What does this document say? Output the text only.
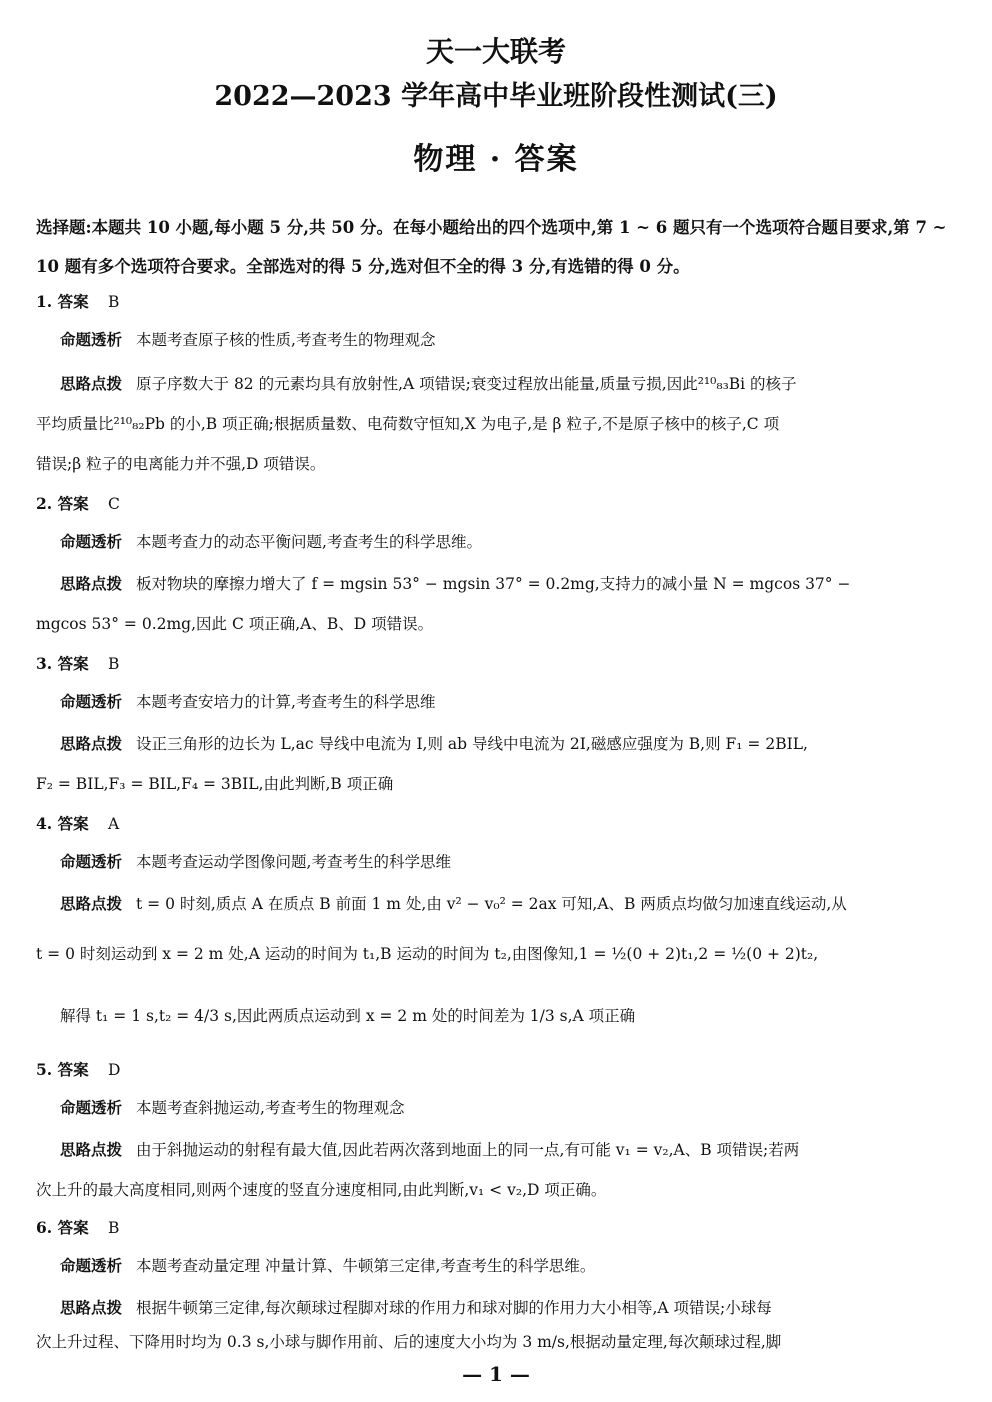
天一大联考
2022—2023 学年高中毕业班阶段性测试(三)
物理 · 答案
选择题:本题共 10 小题,每小题 5 分,共 50 分。在每小题给出的四个选项中,第 1 ~ 6 题只有一个选项符合题目要求,第 7 ~ 10 题有多个选项符合要求。全部选对的得 5 分,选对但不全的得 3 分,有选错的得 0 分。
1. 答案 B
命题透析 本题考查原子核的性质,考查考生的物理观念
思路点拨 原子序数大于 82 的元素均具有放射性,A 项错误;衰变过程放出能量,质量亏损,因此²¹⁰₈₃Bi 的核子
平均质量比²¹⁰₈₂Pb 的小,B 项正确;根据质量数、电荷数守恒知,X 为电子,是 β 粒子,不是原子核中的核子,C 项
错误;β 粒子的电离能力并不强,D 项错误。
2. 答案 C
命题透析 本题考查力的动态平衡问题,考查考生的科学思维。
思路点拨 板对物块的摩擦力增大了 f = mgsin 53° − mgsin 37° = 0.2mg,支持力的减小量 N = mgcos 37° −
mgcos 53° = 0.2mg,因此 C 项正确,A、B、D 项错误。
3. 答案 B
命题透析 本题考查安培力的计算,考查考生的科学思维
思路点拨 设正三角形的边长为 L,ac 导线中电流为 I,则 ab 导线中电流为 2I,磁感应强度为 B,则 F₁ = 2BIL,
F₂ = BIL,F₃ = BIL,F₄ = 3BIL,由此判断,B 项正确
4. 答案 A
命题透析 本题考查运动学图像问题,考查考生的科学思维
思路点拨 t = 0 时刻,质点 A 在质点 B 前面 1 m 处,由 v² − v₀² = 2ax 可知,A、B 两质点均做匀加速直线运动,从
t = 0 时刻运动到 x = 2 m 处,A 运动的时间为 t₁,B 运动的时间为 t₂,由图像知,1 = ½(0 + 2)t₁,2 = ½(0 + 2)t₂,
解得 t₁ = 1 s,t₂ = 4/3 s,因此两质点运动到 x = 2 m 处的时间差为 1/3 s,A 项正确
5. 答案 D
命题透析 本题考查斜抛运动,考查考生的物理观念
思路点拨 由于斜抛运动的射程有最大值,因此若两次落到地面上的同一点,有可能 v₁ = v₂,A、B 项错误;若两
次上升的最大高度相同,则两个速度的竖直分速度相同,由此判断,v₁ < v₂,D 项正确。
6. 答案 B
命题透析 本题考查动量定理 冲量计算、牛顿第三定律,考查考生的科学思维。
思路点拨 根据牛顿第三定律,每次颠球过程脚对球的作用力和球对脚的作用力大小相等,A 项错误;小球每
次上升过程、下降用时均为 0.3 s,小球与脚作用前、后的速度大小均为 3 m/s,根据动量定理,每次颠球过程,脚
— 1 —
